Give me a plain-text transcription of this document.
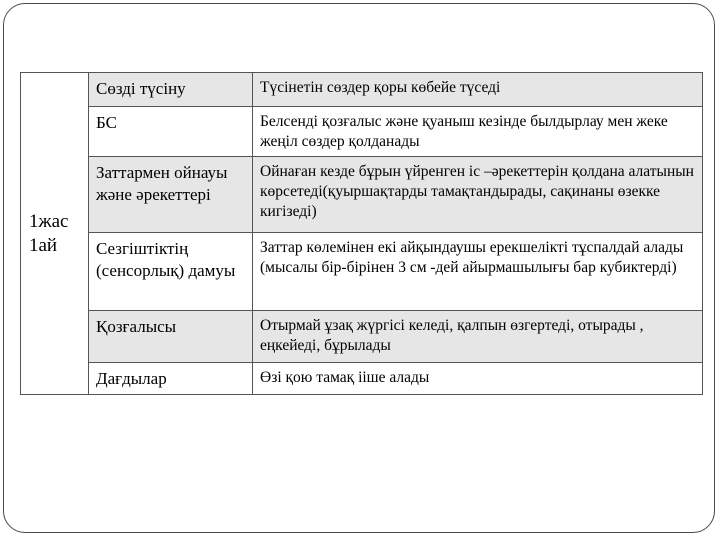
1жас
1ай	Сөзді түсіну	Түсінетін сөздер қоры көбейе түседі
	БС	Белсенді қозғалыс және қуаныш кезінде былдырлау мен жеке жеңіл сөздер қолданады
	Заттармен ойнауы және әрекеттері	Ойнаған кезде бұрын үйренген іс –әрекеттерін қолдана алатынын көрсетеді(қуыршақтарды тамақтандырады, сақинаны өзекке кигізеді)
	Сезгіштіктің (сенсорлық) дамуы	Заттар көлемінен екі айқындаушы ерекшелікті тұспалдай алады (мысалы бір-бірінен 3 см -дей айырмашылығы бар кубиктерді)
	Қозғалысы	Отырмай ұзақ жүргісі келеді, қалпын өзгертеді, отырады , еңкейеді, бұрылады
	Дағдылар	Өзі қою тамақ ііше алады
